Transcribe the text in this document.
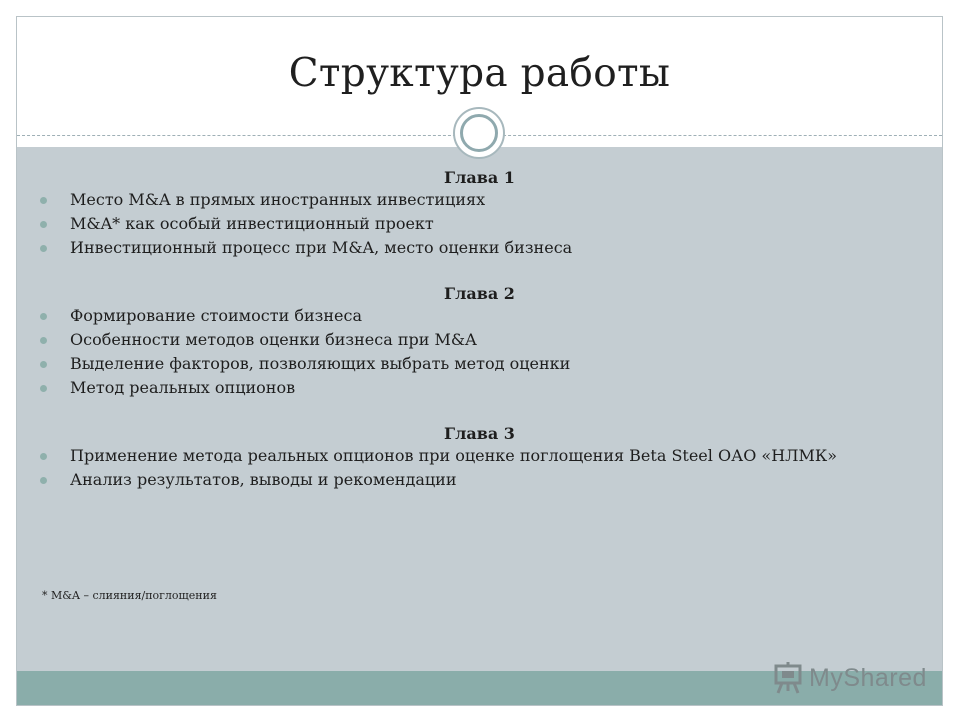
Структура работы
Глава 1
Место M&A в прямых иностранных инвестициях
M&A* как особый инвестиционный проект
Инвестиционный процесс при M&A, место оценки бизнеса
Глава 2
Формирование стоимости бизнеса
Особенности методов оценки бизнеса при M&A
Выделение факторов, позволяющих выбрать метод оценки
Метод реальных опционов
Глава 3
Применение метода реальных опционов при оценке поглощения Beta Steel ОАО «НЛМК»
Анализ результатов, выводы и рекомендации
* M&A – слияния/поглощения
MyShared
